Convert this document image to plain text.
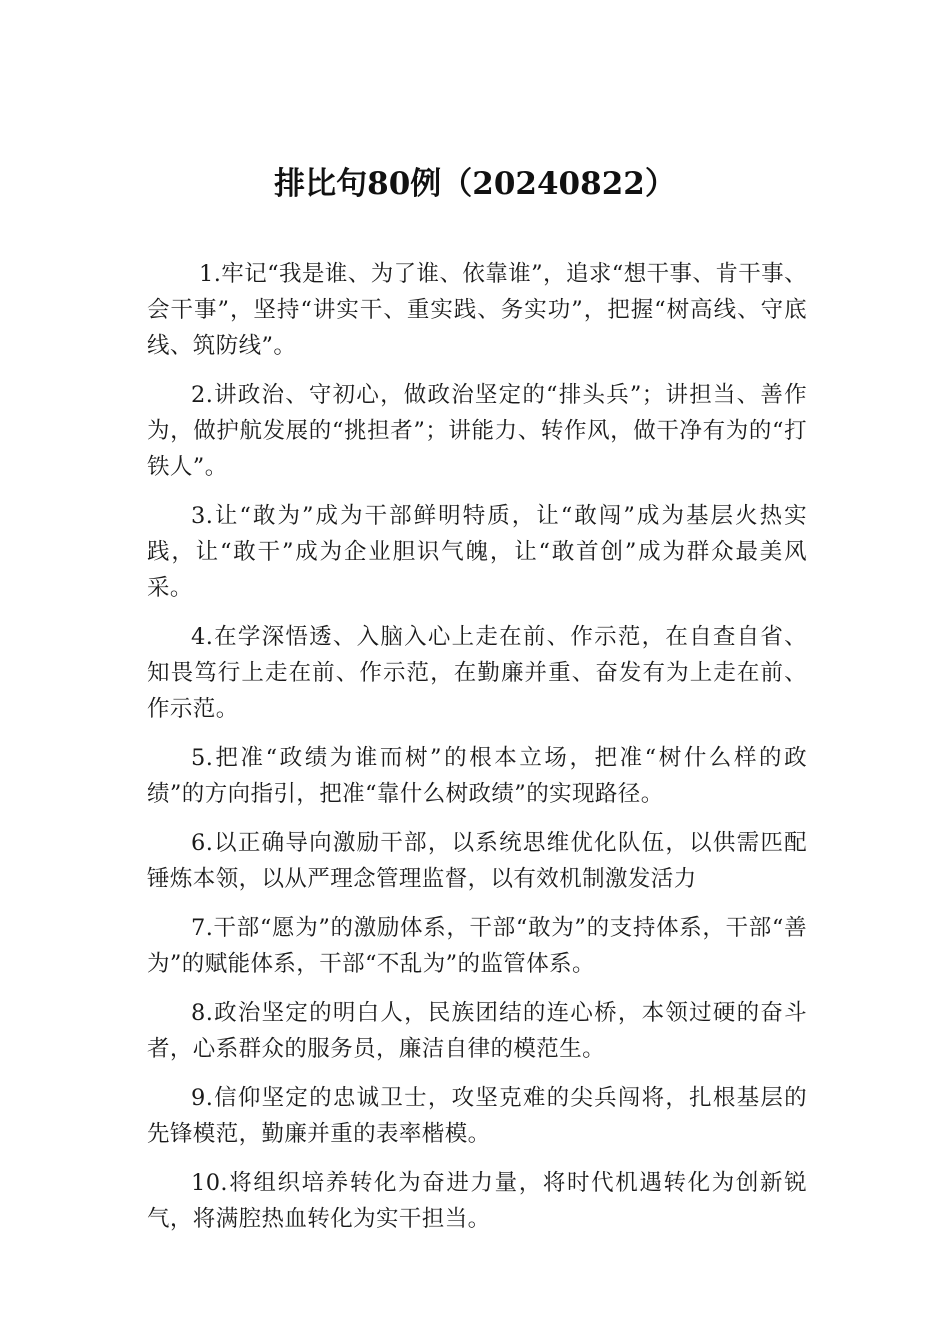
排比句80例（20240822）

1.牢记“我是谁、为了谁、依靠谁”，追求“想干事、肯干事、会干事”，坚持“讲实干、重实践、务实功”，把握“树高线、守底线、筑防线”。

2.讲政治、守初心，做政治坚定的“排头兵”；讲担当、善作为，做护航发展的“挑担者”；讲能力、转作风，做干净有为的“打铁人”。

3.让“敢为”成为干部鲜明特质，让“敢闯”成为基层火热实践，让“敢干”成为企业胆识气魄，让“敢首创”成为群众最美风采。

4.在学深悟透、入脑入心上走在前、作示范，在自查自省、知畏笃行上走在前、作示范，在勤廉并重、奋发有为上走在前、作示范。

5.把准“政绩为谁而树”的根本立场，把准“树什么样的政绩”的方向指引，把准“靠什么树政绩”的实现路径。

6.以正确导向激励干部，以系统思维优化队伍，以供需匹配锤炼本领，以从严理念管理监督，以有效机制激发活力

7.干部“愿为”的激励体系，干部“敢为”的支持体系，干部“善为”的赋能体系，干部“不乱为”的监管体系。

8.政治坚定的明白人，民族团结的连心桥，本领过硬的奋斗者，心系群众的服务员，廉洁自律的模范生。

9.信仰坚定的忠诚卫士，攻坚克难的尖兵闯将，扎根基层的先锋模范，勤廉并重的表率楷模。

10.将组织培养转化为奋进力量，将时代机遇转化为创新锐气，将满腔热血转化为实干担当。
